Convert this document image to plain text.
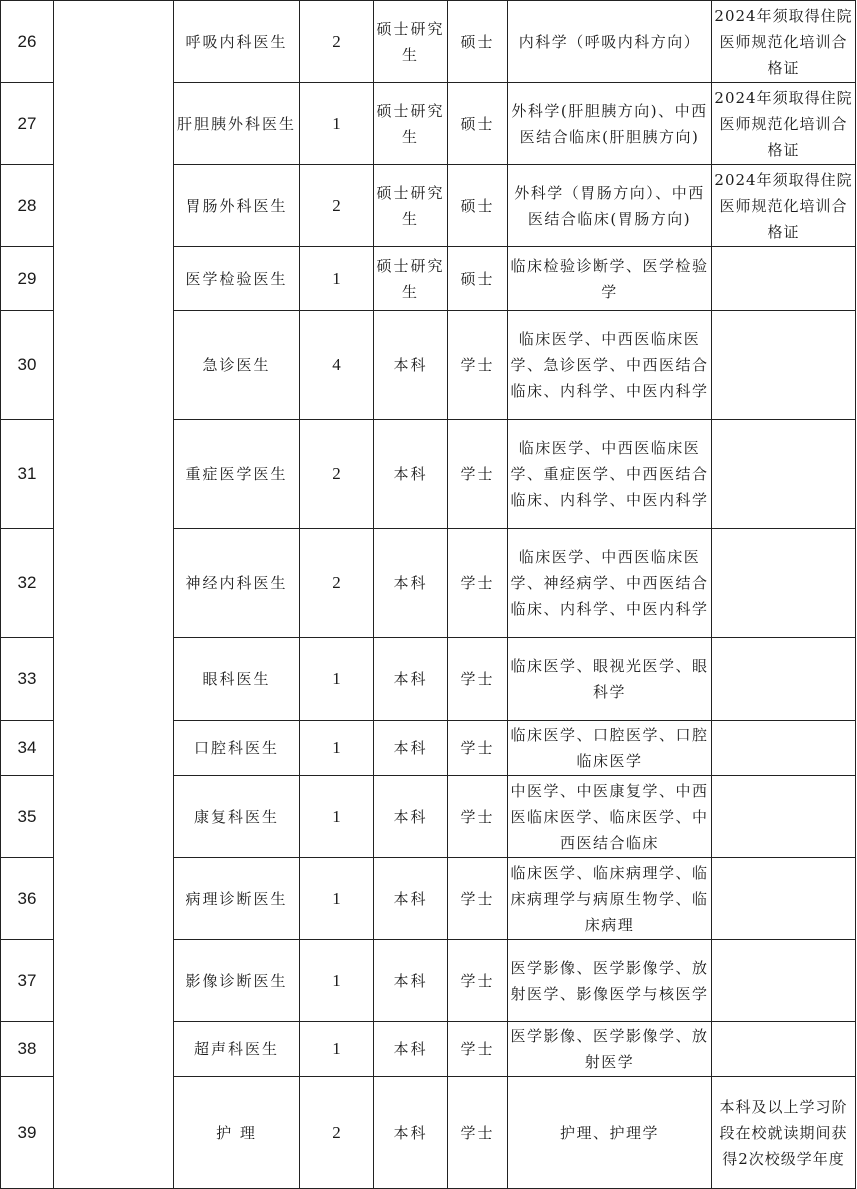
26		呼吸内科医生	2	硕士研究生	硕士	内科学（呼吸内科方向）	2024年须取得住院医师规范化培训合格证
27		肝胆胰外科医生	1	硕士研究生	硕士	外科学(肝胆胰方向)、中西医结合临床(肝胆胰方向)	2024年须取得住院医师规范化培训合格证
28		胃肠外科医生	2	硕士研究生	硕士	外科学（胃肠方向）、中西医结合临床(胃肠方向)	2024年须取得住院医师规范化培训合格证
29		医学检验医生	1	硕士研究生	硕士	临床检验诊断学、医学检验学	
30		急诊医生	4	本科	学士	临床医学、中西医临床医学、急诊医学、中西医结合临床、内科学、中医内科学	
31		重症医学医生	2	本科	学士	临床医学、中西医临床医学、重症医学、中西医结合临床、内科学、中医内科学	
32		神经内科医生	2	本科	学士	临床医学、中西医临床医学、神经病学、中西医结合临床、内科学、中医内科学	
33		眼科医生	1	本科	学士	临床医学、眼视光医学、眼科学	
34		口腔科医生	1	本科	学士	临床医学、口腔医学、口腔临床医学	
35		康复科医生	1	本科	学士	中医学、中医康复学、中西医临床医学、临床医学、中西医结合临床	
36		病理诊断医生	1	本科	学士	临床医学、临床病理学、临床病理学与病原生物学、临床病理	
37		影像诊断医生	1	本科	学士	医学影像、医学影像学、放射医学、影像医学与核医学	
38		超声科医生	1	本科	学士	医学影像、医学影像学、放射医学	
39		护 理	2	本科	学士	护理、护理学	本科及以上学习阶段在校就读期间获得2次校级学年度
